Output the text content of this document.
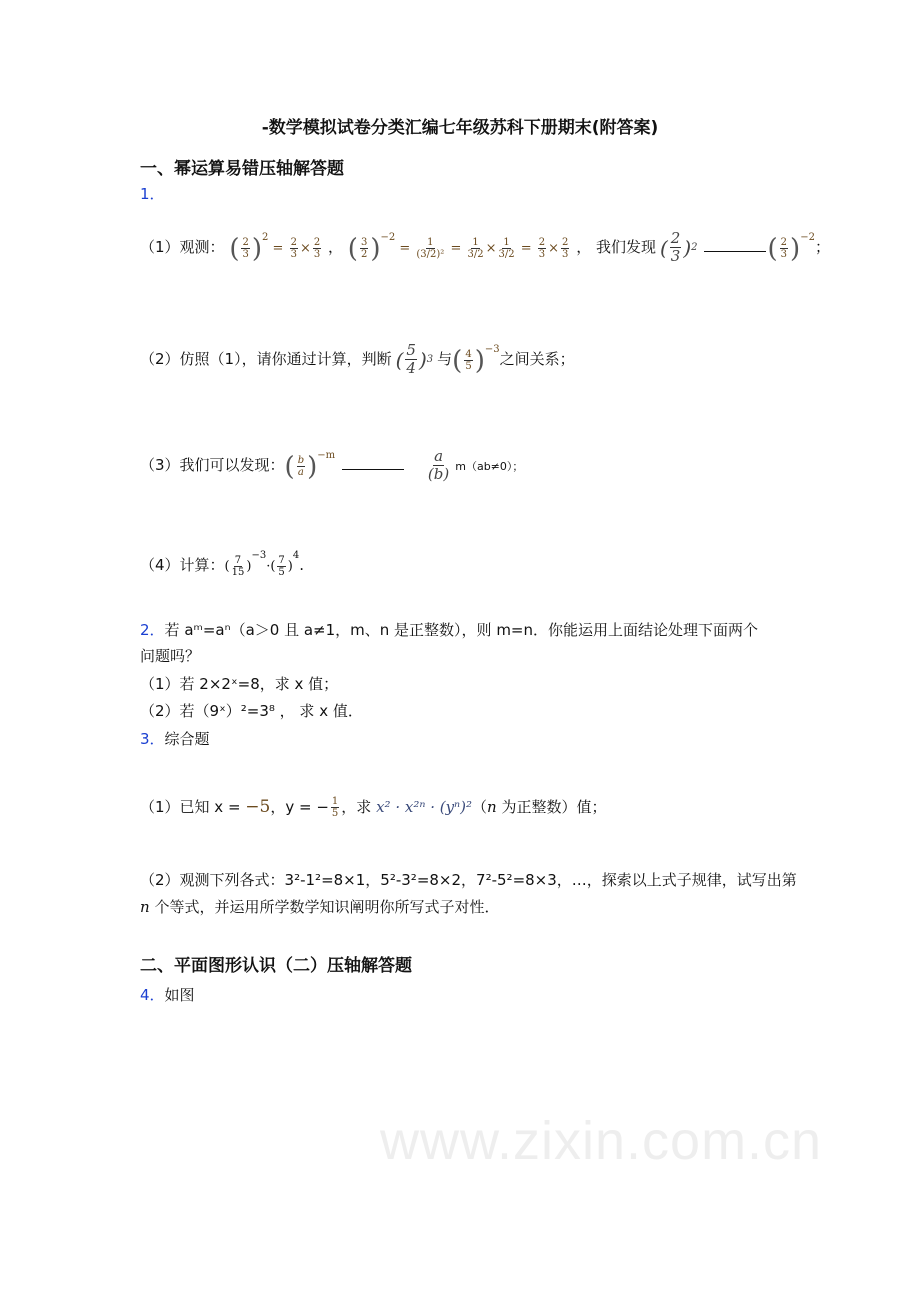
www.zixin.com.cn
-数学模拟试卷分类汇编七年级苏科下册期末(附答案)
一、幂运算易错压轴解答题
1．
（1）观测： ( 2
3 ) $^2 = \frac{2}{3} \times \frac{2}{3}$ ， ( 3
2 ) $^{-2} = \frac{1}{\text{(3/2)²}} = \frac{1}{3/2} \times \frac{1}{3/2} = \frac{2}{3} \times \frac{2}{3}$ ， 我们发现 ( 2
3 ) 2	( 2
3 ) $^{-2}$；
（2）仿照（1），请你通过计算，判断 ( 5
4 ) 3 与 ( 4
5 ) $^{-3}$之间关系；
（3）我们可以发现： ( b
a ) $^{-m}$	a
(b) m（ab≠0）；
（4）计算：( 7
15 )$^{-3}$·( 7
5 )$^4$.
2．若 aᵐ=aⁿ（a＞0 且 a≠1，m、n 是正整数），则 m=n．你能运用上面结论处理下面两个
问题吗？
（1）若 2×2ˣ=8，求 x 值；
（2）若（9ˣ）²=3⁸ ， 求 x 值．
3．综合题
（1）已知 x = −5，y = − $\frac{1}{5}$ ，求 x² · x²ⁿ · (yⁿ)²（n 为正整数）值；
（2）观测下列各式：3²-1²=8×1，5²-3²=8×2，7²-5²=8×3，…，探索以上式子规律，试写出第
n 个等式，并运用所学数学知识阐明你所写式子对性．
二、平面图形认识（二）压轴解答题
4．如图
